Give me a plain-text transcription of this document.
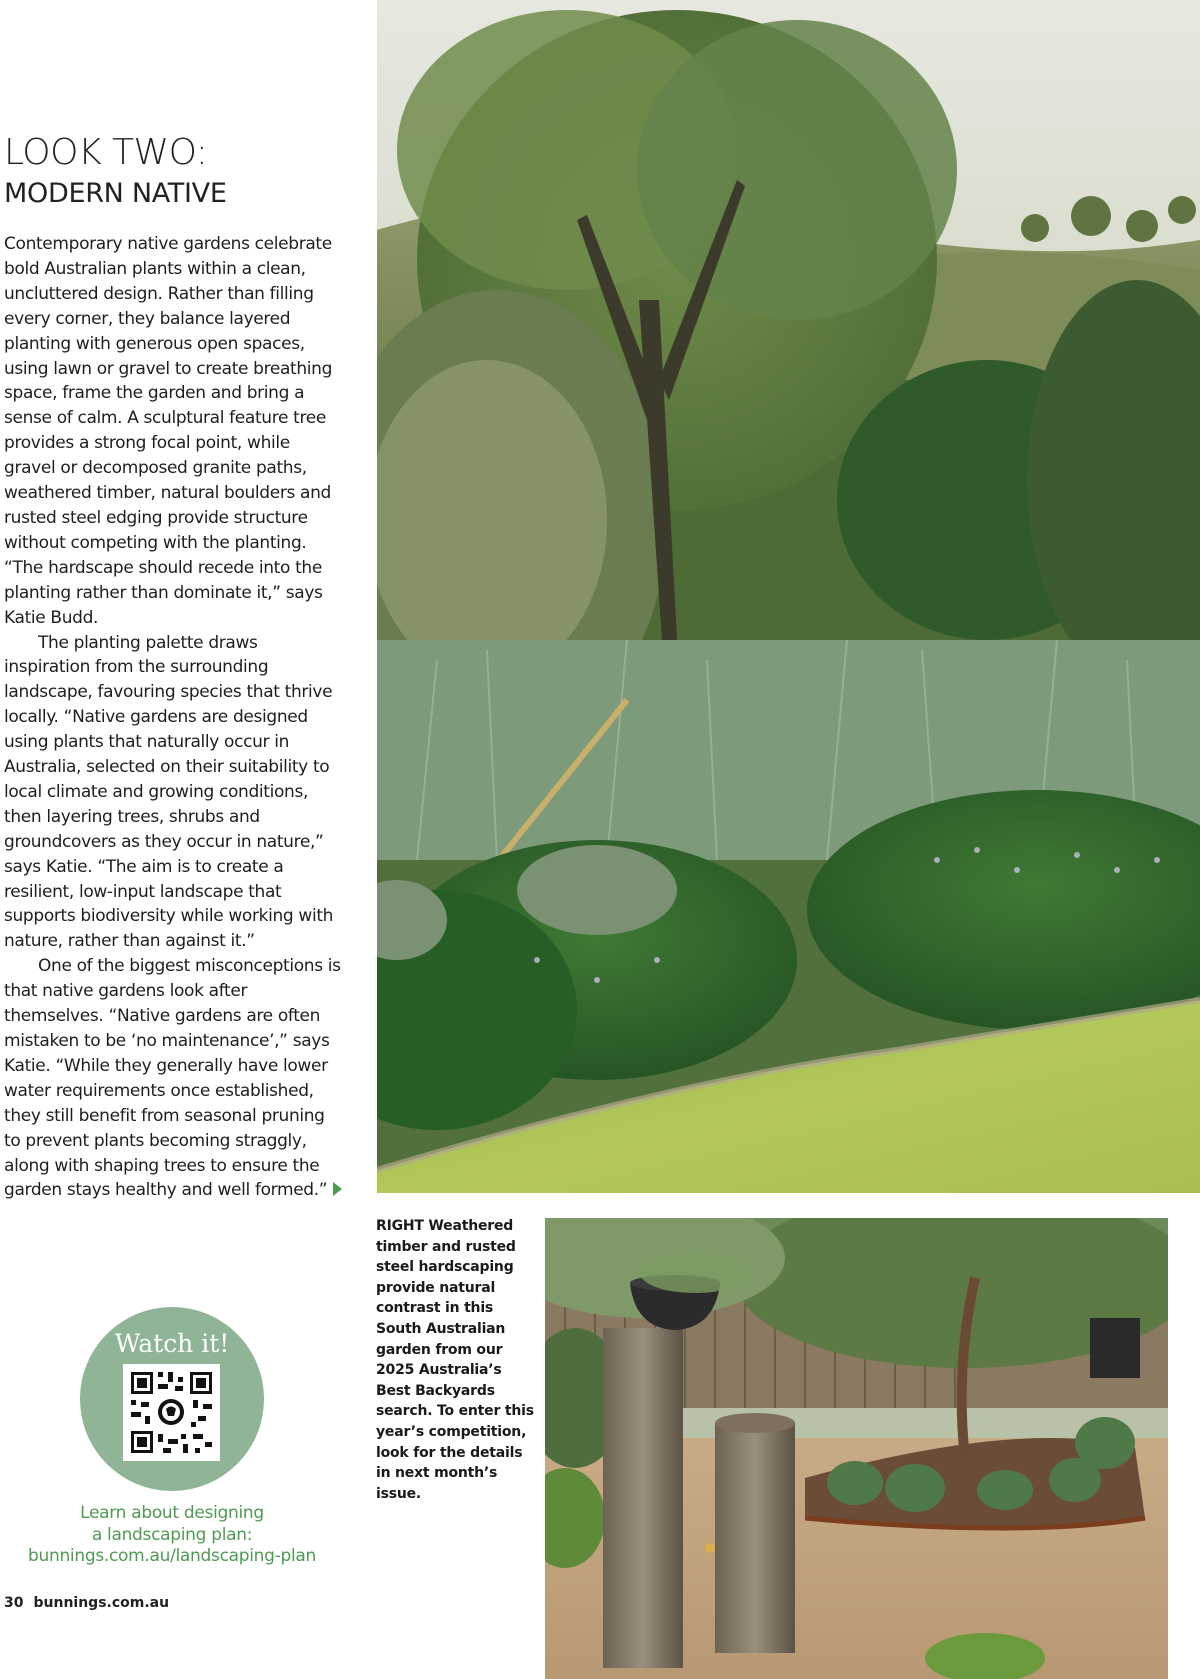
LOOK TWO:
MODERN NATIVE

Contemporary native gardens celebrate bold Australian plants within a clean, uncluttered design. Rather than filling every corner, they balance layered planting with generous open spaces, using lawn or gravel to create breathing space, frame the garden and bring a sense of calm. A sculptural feature tree provides a strong focal point, while gravel or decomposed granite paths, weathered timber, natural boulders and rusted steel edging provide structure without competing with the planting. “The hardscape should recede into the planting rather than dominate it,” says Katie Budd.

The planting palette draws inspiration from the surrounding landscape, favouring species that thrive locally. “Native gardens are designed using plants that naturally occur in Australia, selected on their suitability to local climate and growing conditions, then layering trees, shrubs and groundcovers as they occur in nature,” says Katie. “The aim is to create a resilient, low-input landscape that supports biodiversity while working with nature, rather than against it.”

One of the biggest misconceptions is that native gardens look after themselves. “Native gardens are often mistaken to be ‘no maintenance’,” says Katie. “While they generally have lower water requirements once established, they still benefit from seasonal pruning to prevent plants becoming straggly, along with shaping trees to ensure the garden stays healthy and well formed.”

RIGHT Weathered timber and rusted steel hardscaping provide natural contrast in this South Australian garden from our 2025 Australia’s Best Backyards search. To enter this year’s competition, look for the details in next month’s issue.
Watch it!
Learn about designing
a landscaping plan:
bunnings.com.au/landscaping-plan
30 bunnings.com.au
